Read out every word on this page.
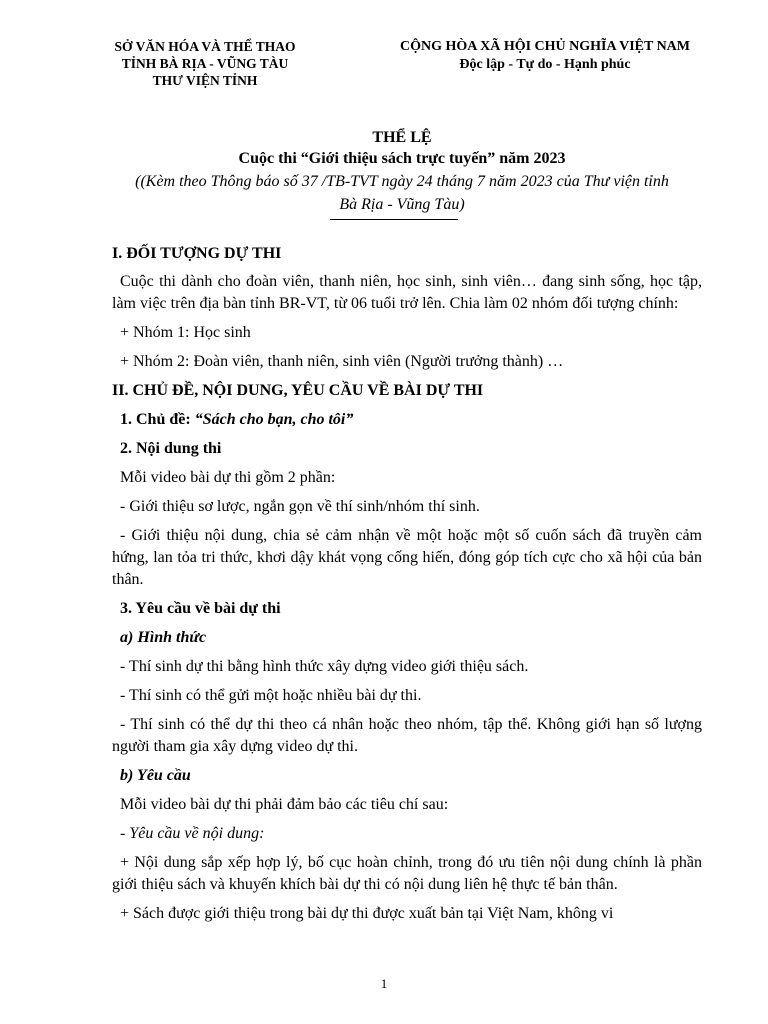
SỞ VĂN HÓA VÀ THỂ THAO
TỈNH BÀ RỊA - VŨNG TÀU
THƯ VIỆN TỈNH
CỘNG HÒA XÃ HỘI CHỦ NGHĨA VIỆT NAM
Độc lập - Tự do - Hạnh phúc
THỂ LỆ
Cuộc thi “Giới thiệu sách trực tuyến” năm 2023
((Kèm theo Thông báo số 37 /TB-TVT ngày 24 tháng 7 năm 2023 của Thư viện tỉnh
Bà Rịa - Vũng Tàu)

I. ĐỐI TƯỢNG DỰ THI

Cuộc thi dành cho đoàn viên, thanh niên, học sinh, sinh viên… đang sinh sống, học tập, làm việc trên địa bàn tỉnh BR-VT, từ 06 tuổi trở lên. Chia làm 02 nhóm đối tượng chính:

+ Nhóm 1: Học sinh

+ Nhóm 2: Đoàn viên, thanh niên, sinh viên (Người trưởng thành) …

II. CHỦ ĐỀ, NỘI DUNG, YÊU CẦU VỀ BÀI DỰ THI

1. Chủ đề: “Sách cho bạn, cho tôi”

2. Nội dung thi

Mỗi video bài dự thi gồm 2 phần:

- Giới thiệu sơ lược, ngắn gọn về thí sinh/nhóm thí sinh.

- Giới thiệu nội dung, chia sẻ cảm nhận về một hoặc một số cuốn sách đã truyền cảm hứng, lan tỏa tri thức, khơi dậy khát vọng cống hiến, đóng góp tích cực cho xã hội của bản thân.

3. Yêu cầu về bài dự thi

a) Hình thức

- Thí sinh dự thi bằng hình thức xây dựng video giới thiệu sách.

- Thí sinh có thể gửi một hoặc nhiều bài dự thi.

- Thí sinh có thể dự thi theo cá nhân hoặc theo nhóm, tập thể. Không giới hạn số lượng người tham gia xây dựng video dự thi.

b) Yêu cầu

Mỗi video bài dự thi phải đảm bảo các tiêu chí sau:

- Yêu cầu về nội dung:

+ Nội dung sắp xếp hợp lý, bố cục hoàn chỉnh, trong đó ưu tiên nội dung chính là phần giới thiệu sách và khuyến khích bài dự thi có nội dung liên hệ thực tế bản thân.

+ Sách được giới thiệu trong bài dự thi được xuất bản tại Việt Nam, không vi

1
